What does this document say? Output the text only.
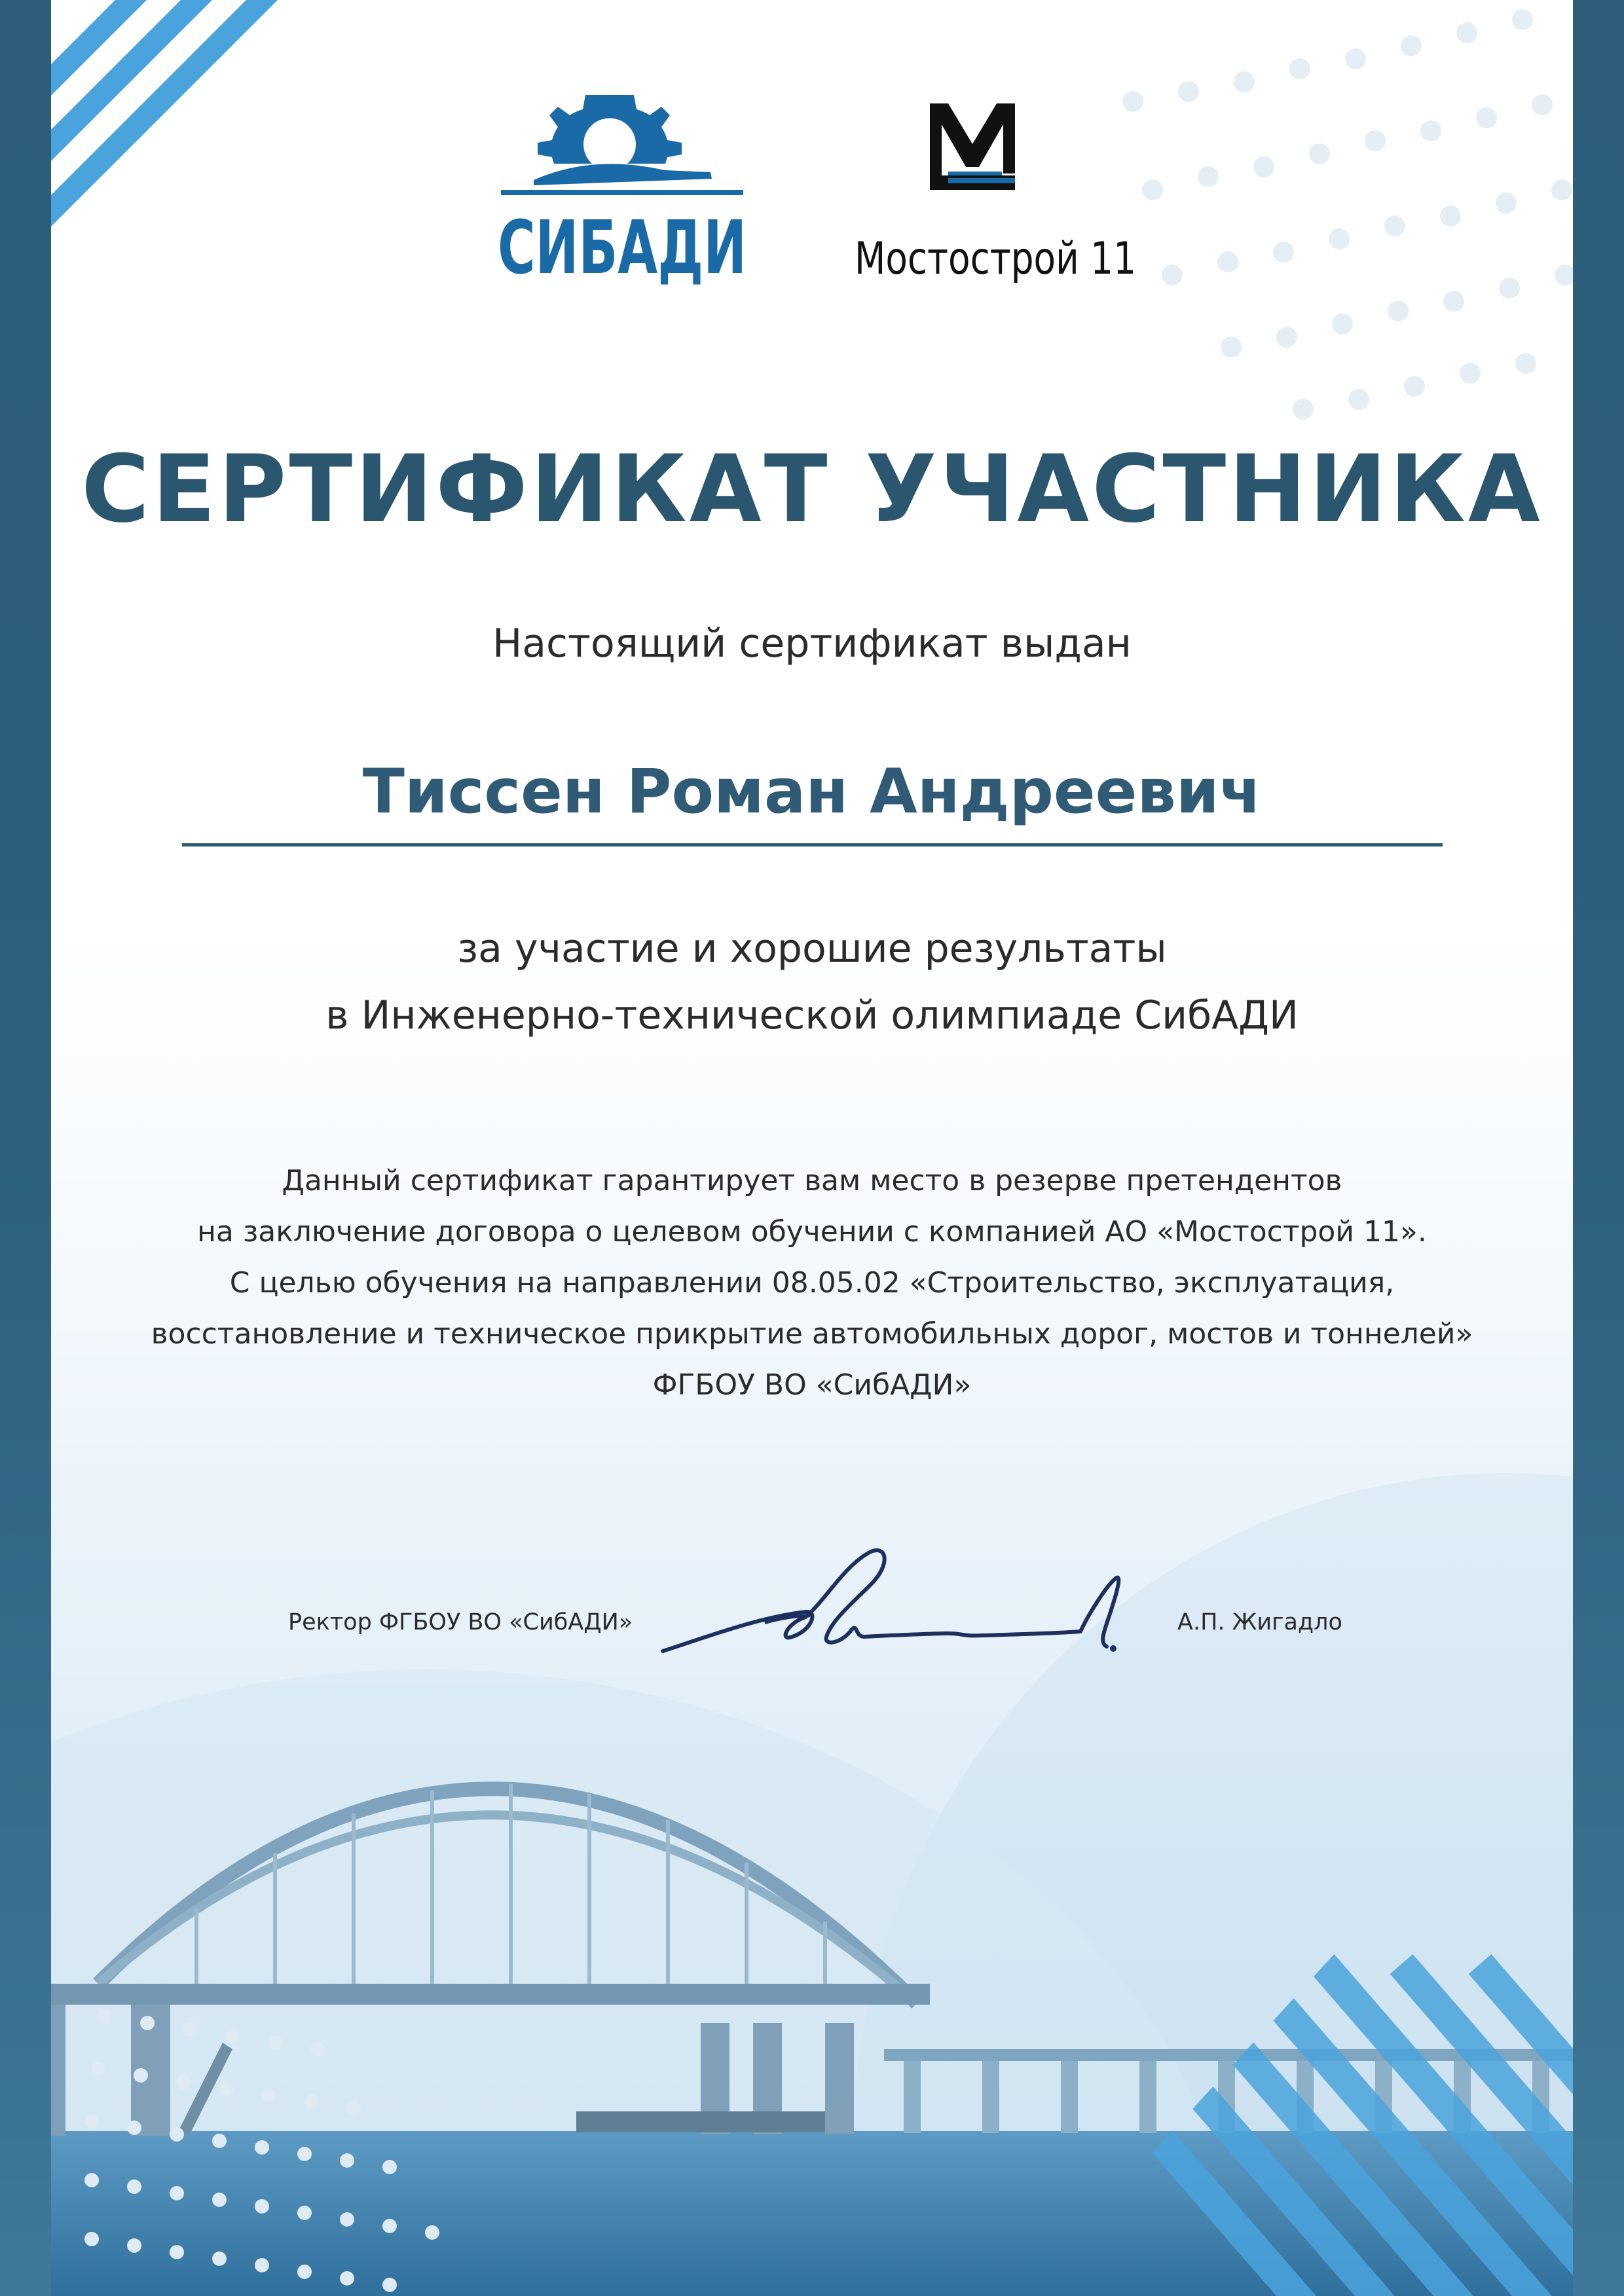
СИБАДИ Мостострой 11
СЕРТИФИКАТ УЧАСТНИКА
Настоящий сертификат выдан
Тиссен Роман Андреевич
за участие и хорошие результаты
в Инженерно-технической олимпиаде СибАДИ
Данный сертификат гарантирует вам место в резерве претендентов
на заключение договора о целевом обучении с компанией АО «Мостострой 11».
С целью обучения на направлении 08.05.02 «Строительство, эксплуатация,
восстановление и техническое прикрытие автомобильных дорог, мостов и тоннелей»
ФГБОУ ВО «СибАДИ»
Ректор ФГБОУ ВО «СибАДИ»	А.П. Жигадло
